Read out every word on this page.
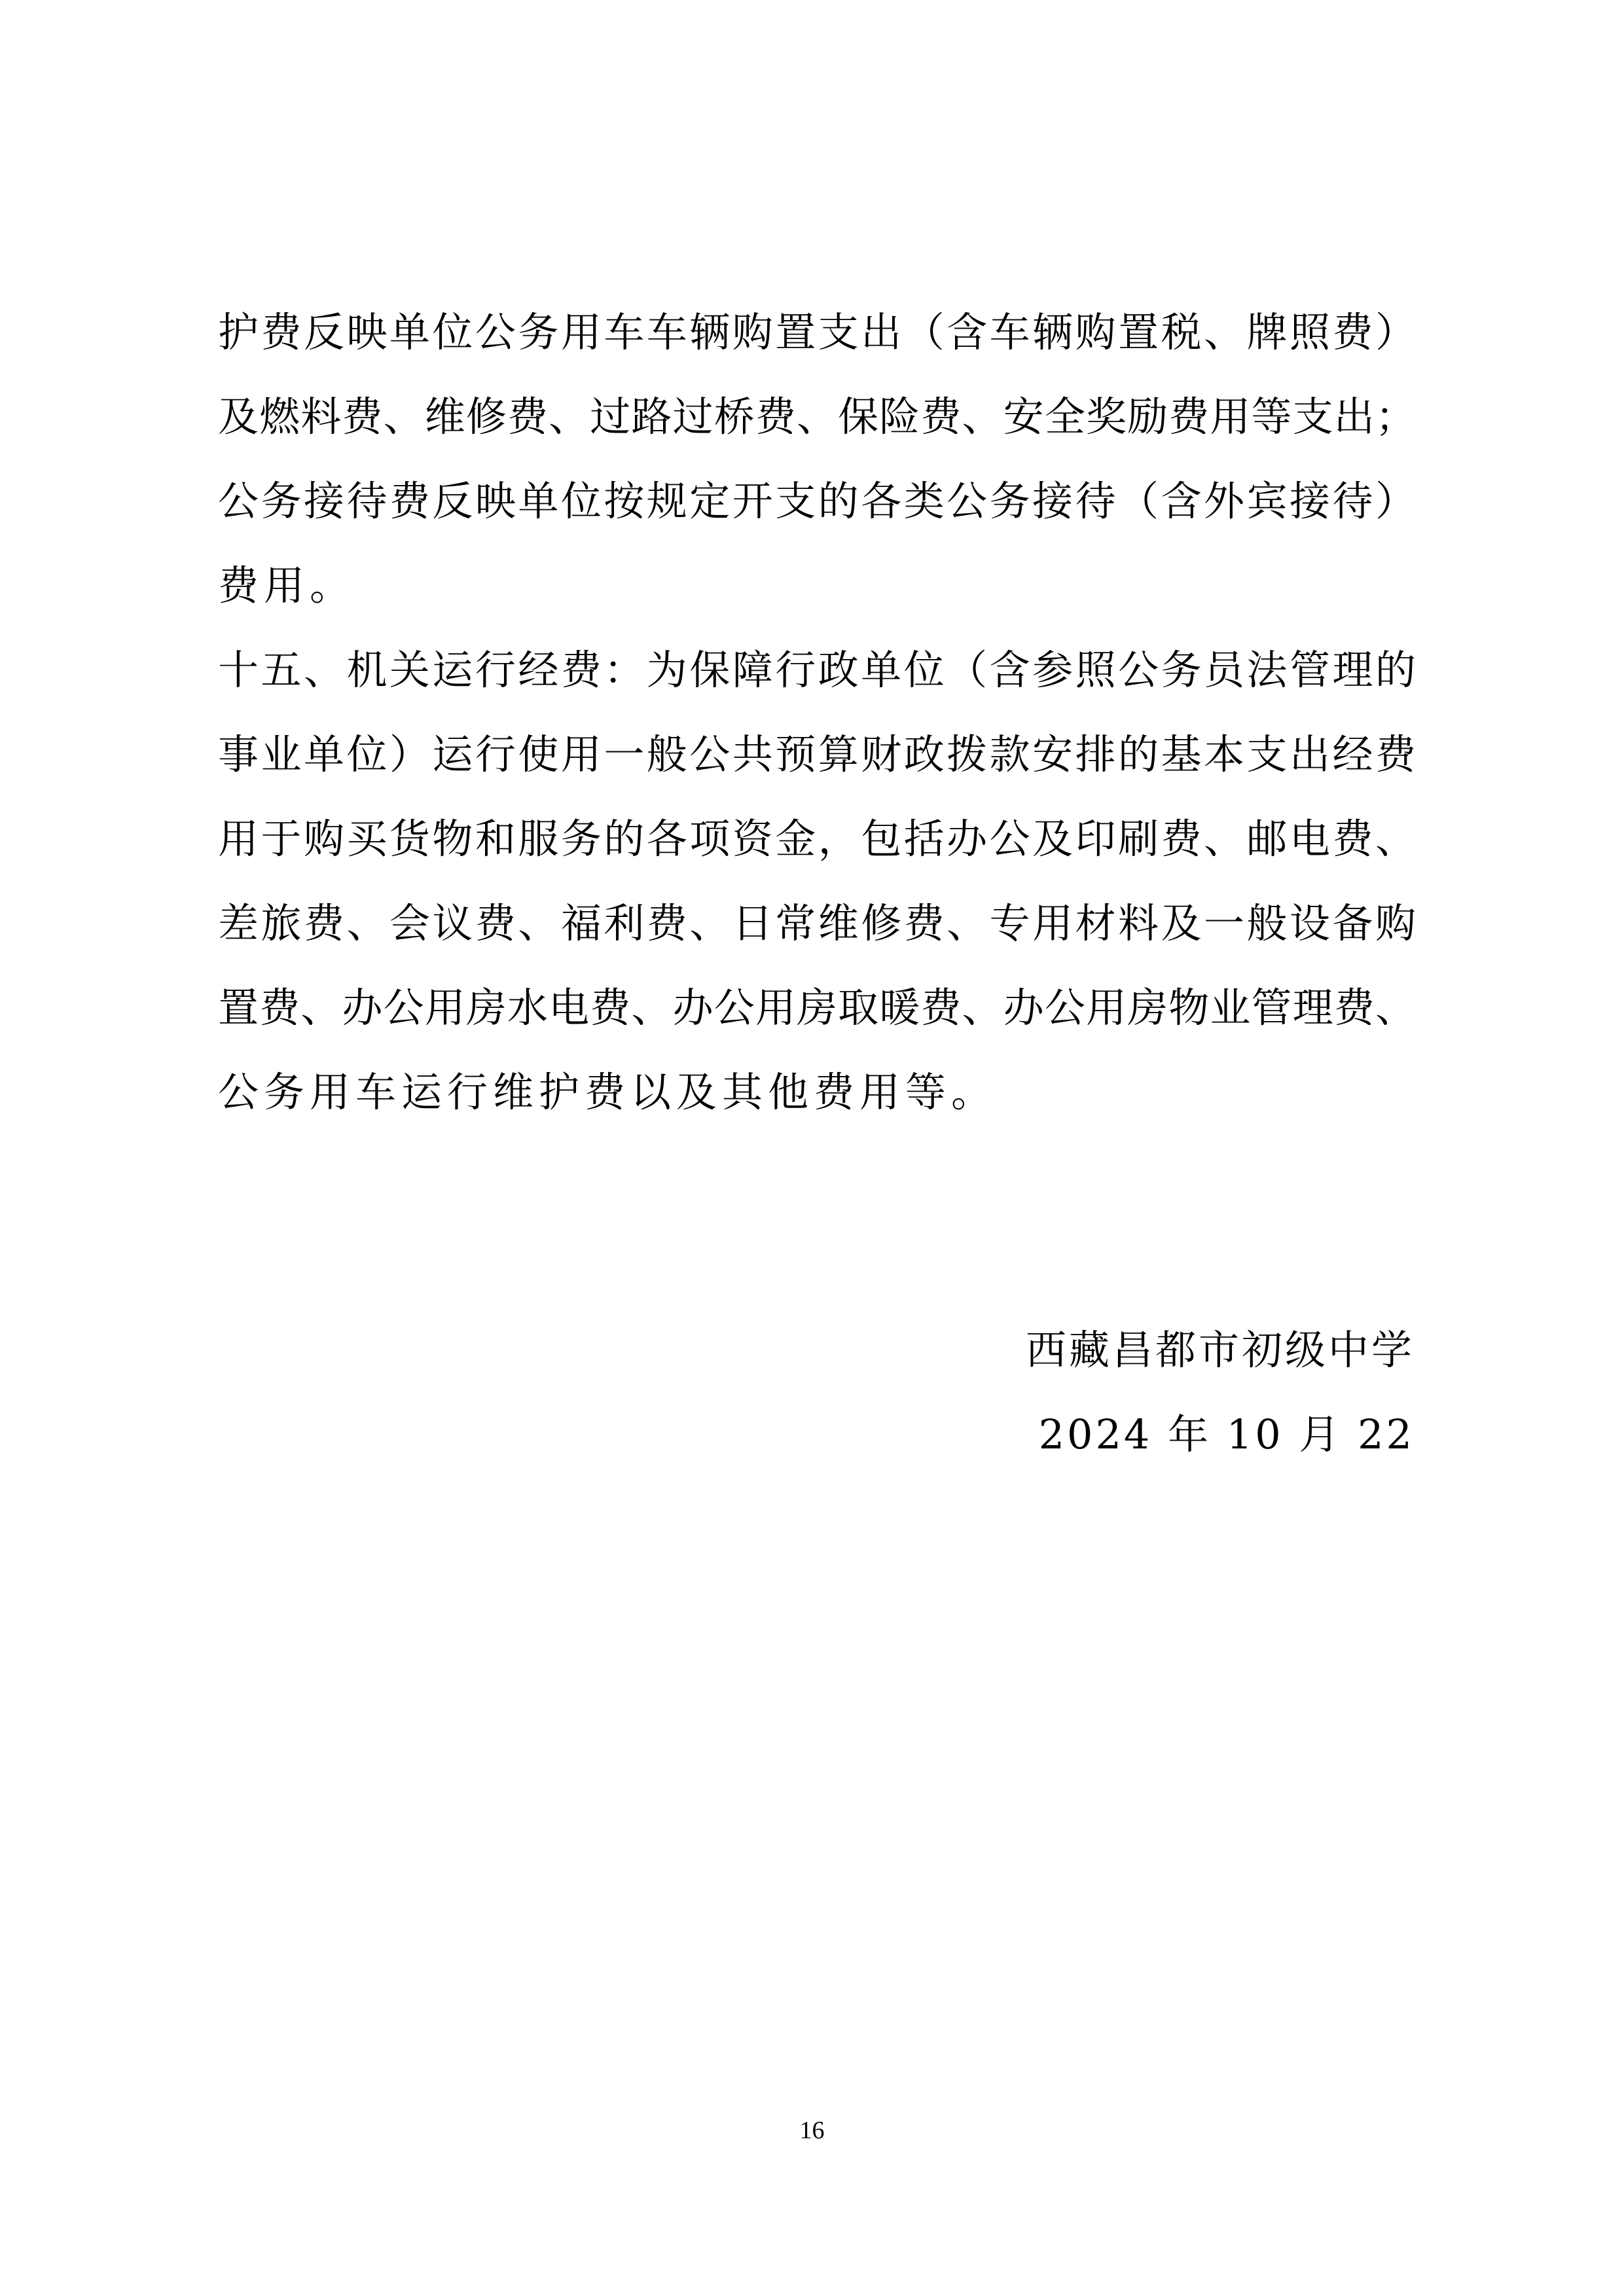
护费反映单位公务用车车辆购置支出（含车辆购置税、牌照费）
及燃料费、维修费、过路过桥费、保险费、安全奖励费用等支出；
公务接待费反映单位按规定开支的各类公务接待（含外宾接待）
费用。
十五、机关运行经费：为保障行政单位（含参照公务员法管理的
事业单位）运行使用一般公共预算财政拨款安排的基本支出经费
用于购买货物和服务的各项资金，包括办公及印刷费、邮电费、
差旅费、会议费、福利费、日常维修费、专用材料及一般设备购
置费、办公用房水电费、办公用房取暖费、办公用房物业管理费、
公务用车运行维护费以及其他费用等。
西藏昌都市初级中学
2024 年 10 月 22
16
